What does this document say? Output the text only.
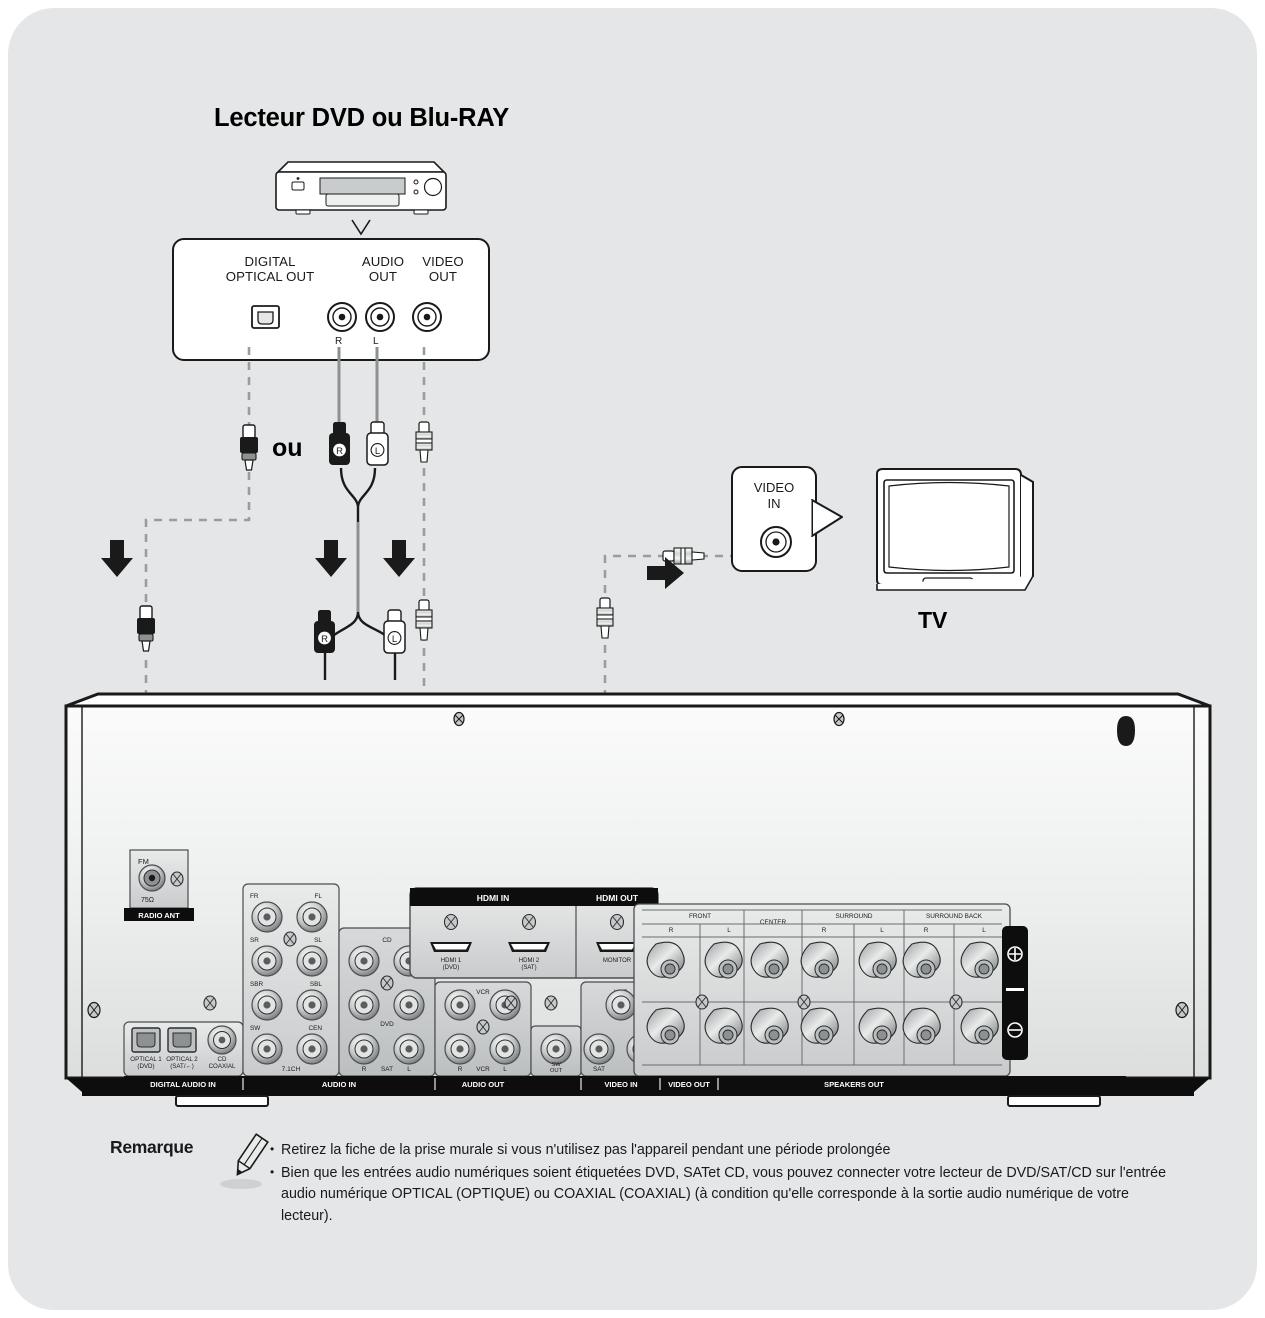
Lecteur DVD ou Blu-RAY
DIGITAL
OPTICAL OUT
AUDIO
OUT
VIDEO
OUT
R	L
R	L
R	L
ou
VIDEO
IN
TV
FM
75Ω
RADIO ANT
OPTICAL 1
(DVD)
OPTICAL 2
(SAT/←)
CD
COAXIAL
FR	FL
SR	SL
SBR	SBL
SW	CEN
7.1CH
CD
DVD
R SAT L
VCR
R VCR L
SW
OUT	SAT
HDMI IN	HDMI OUT
HDMI 1
(DVD)
HDMI 2
(SAT)
MONITOR
FRONT
CENTER
SURROUND	SURROUND BACK
R	L	R	L	R	L
DIGITAL AUDIO IN	AUDIO IN	AUDIO OUT	VIDEO IN	VIDEO OUT	SPEAKERS OUT
Remarque	• Retirez la fiche de la prise murale si vous n'utilisez pas l'appareil pendant une période prolongée
• Bien que les entrées audio numériques soient étiquetées DVD, SATet CD, vous pouvez connecter votre lecteur de DVD/SAT/CD sur l'entrée audio numérique OPTICAL (OPTIQUE) ou COAXIAL (COAXIAL) (à condition qu'elle corresponde à la sortie audio numérique de votre lecteur).
